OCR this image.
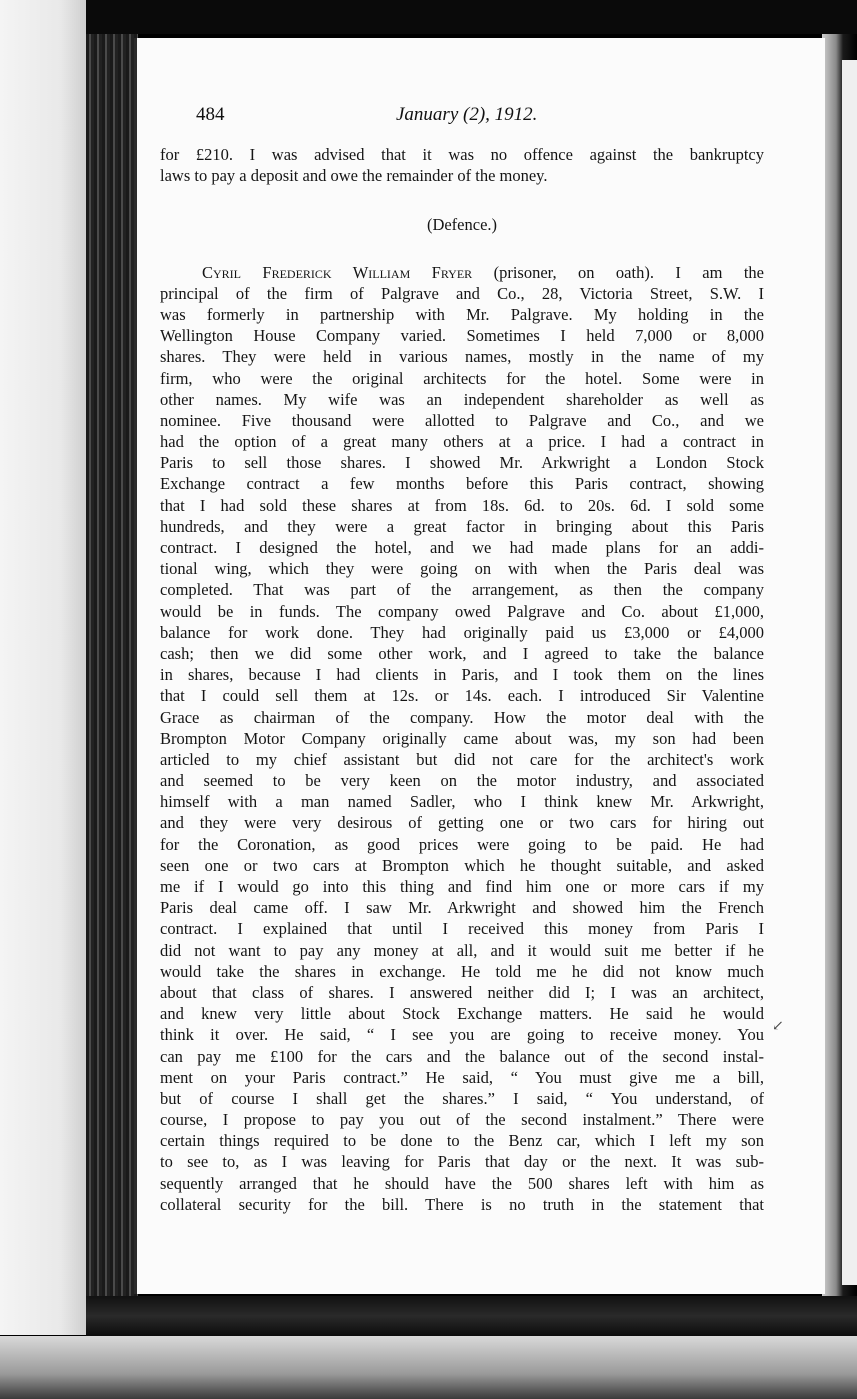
484	January (2), 1912.
for £210. I was advised that it was no offence against the bankruptcy
laws to pay a deposit and owe the remainder of the money.
(Defence.)
Cyril Frederick William Fryer (prisoner, on oath). I am the
principal of the firm of Palgrave and Co., 28, Victoria Street, S.W. I
was formerly in partnership with Mr. Palgrave. My holding in the
Wellington House Company varied. Sometimes I held 7,000 or 8,000
shares. They were held in various names, mostly in the name of my
firm, who were the original architects for the hotel. Some were in
other names. My wife was an independent shareholder as well as
nominee. Five thousand were allotted to Palgrave and Co., and we
had the option of a great many others at a price. I had a contract in
Paris to sell those shares. I showed Mr. Arkwright a London Stock
Exchange contract a few months before this Paris contract, showing
that I had sold these shares at from 18s. 6d. to 20s. 6d. I sold some
hundreds, and they were a great factor in bringing about this Paris
contract. I designed the hotel, and we had made plans for an addi-
tional wing, which they were going on with when the Paris deal was
completed. That was part of the arrangement, as then the company
would be in funds. The company owed Palgrave and Co. about £1,000,
balance for work done. They had originally paid us £3,000 or £4,000
cash; then we did some other work, and I agreed to take the balance
in shares, because I had clients in Paris, and I took them on the lines
that I could sell them at 12s. or 14s. each. I introduced Sir Valentine
Grace as chairman of the company. How the motor deal with the
Brompton Motor Company originally came about was, my son had been
articled to my chief assistant but did not care for the architect's work
and seemed to be very keen on the motor industry, and associated
himself with a man named Sadler, who I think knew Mr. Arkwright,
and they were very desirous of getting one or two cars for hiring out
for the Coronation, as good prices were going to be paid. He had
seen one or two cars at Brompton which he thought suitable, and asked
me if I would go into this thing and find him one or more cars if my
Paris deal came off. I saw Mr. Arkwright and showed him the French
contract. I explained that until I received this money from Paris I
did not want to pay any money at all, and it would suit me better if he
would take the shares in exchange. He told me he did not know much
about that class of shares. I answered neither did I; I was an architect,
and knew very little about Stock Exchange matters. He said he would
think it over. He said, “ I see you are going to receive money. You
can pay me £100 for the cars and the balance out of the second instal-
ment on your Paris contract.” He said, “ You must give me a bill,
but of course I shall get the shares.” I said, “ You understand, of
course, I propose to pay you out of the second instalment.” There were
certain things required to be done to the Benz car, which I left my son
to see to, as I was leaving for Paris that day or the next. It was sub-
sequently arranged that he should have the 500 shares left with him as
collateral security for the bill. There is no truth in the statement that
↙
